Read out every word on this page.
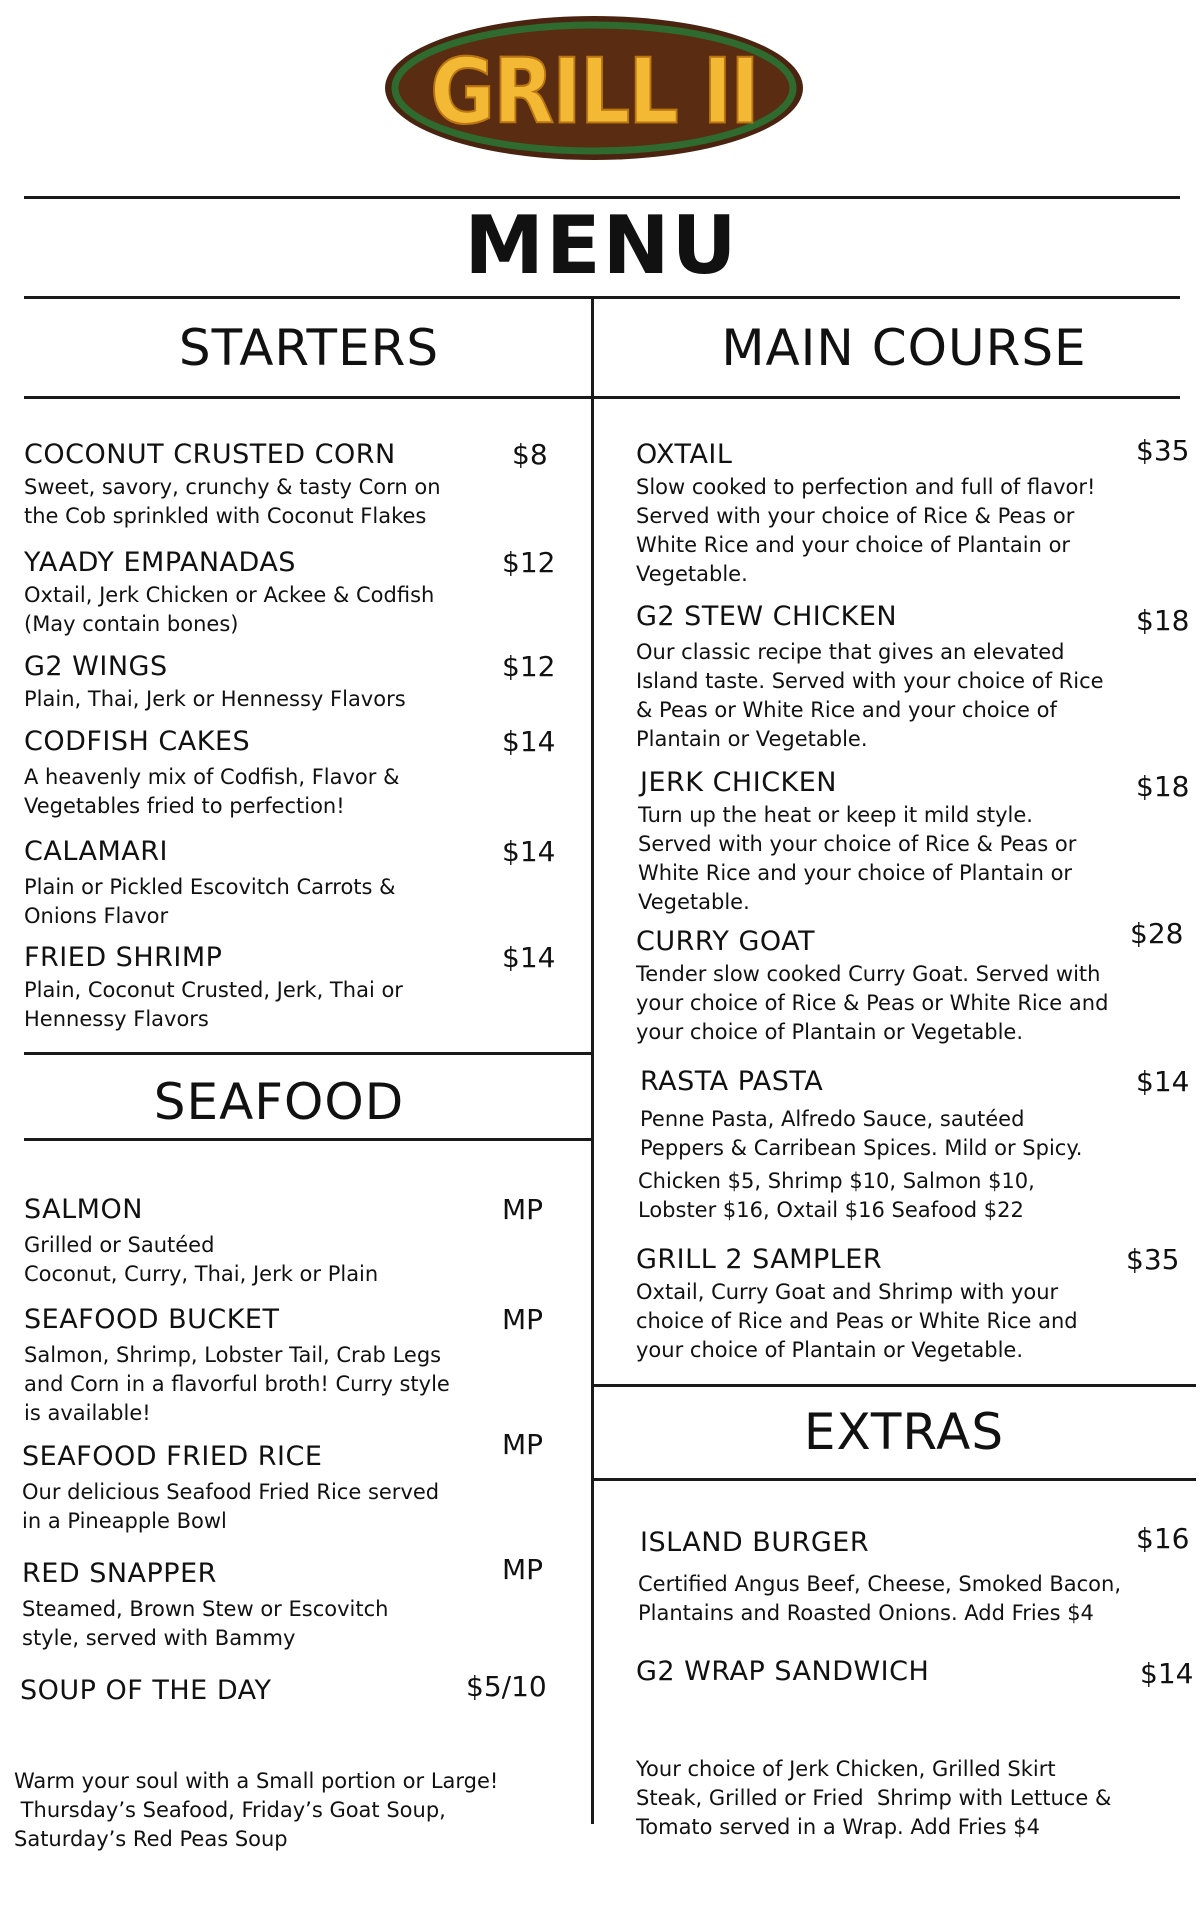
GRILL II
MENU
STARTERS	MAIN COURSE
SEAFOOD
EXTRAS
COCONUT CRUSTED CORN	$8
Sweet, savory, crunchy & tasty Corn on
the Cob sprinkled with Coconut Flakes
YAADY EMPANADAS	$12
Oxtail, Jerk Chicken or Ackee & Codfish
(May contain bones)
G2 WINGS	$12
Plain, Thai, Jerk or Hennessy Flavors
CODFISH CAKES	$14
A heavenly mix of Codfish, Flavor &
Vegetables fried to perfection!
CALAMARI	$14
Plain or Pickled Escovitch Carrots &
Onions Flavor
FRIED SHRIMP	$14
Plain, Coconut Crusted, Jerk, Thai or
Hennessy Flavors
SALMON	MP
Grilled or Sautéed
Coconut, Curry, Thai, Jerk or Plain
SEAFOOD BUCKET	MP
Salmon, Shrimp, Lobster Tail, Crab Legs
and Corn in a flavorful broth! Curry style
is available!
SEAFOOD FRIED RICE	MP
Our delicious Seafood Fried Rice served
in a Pineapple Bowl
RED SNAPPER	MP
Steamed, Brown Stew or Escovitch
style, served with Bammy
SOUP OF THE DAY	$5/10

Warm your soul with a Small portion or Large!
Thursday’s Seafood, Friday’s Goat Soup,
Saturday’s Red Peas Soup

OXTAIL	$35
Slow cooked to perfection and full of flavor!
Served with your choice of Rice & Peas or
White Rice and your choice of Plantain or
Vegetable.
G2 STEW CHICKEN	$18
Our classic recipe that gives an elevated
Island taste. Served with your choice of Rice
& Peas or White Rice and your choice of
Plantain or Vegetable.
JERK CHICKEN	$18
Turn up the heat or keep it mild style.
Served with your choice of Rice & Peas or
White Rice and your choice of Plantain or
Vegetable.
CURRY GOAT	$28
Tender slow cooked Curry Goat. Served with
your choice of Rice & Peas or White Rice and
your choice of Plantain or Vegetable.
RASTA PASTA	$14
Penne Pasta, Alfredo Sauce, sautéed
Peppers & Carribean Spices. Mild or Spicy.
Chicken $5, Shrimp $10, Salmon $10,
Lobster $16, Oxtail $16 Seafood $22
GRILL 2 SAMPLER	$35
Oxtail, Curry Goat and Shrimp with your
choice of Rice and Peas or White Rice and
your choice of Plantain or Vegetable.
ISLAND BURGER	$16
Certified Angus Beef, Cheese, Smoked Bacon,
Plantains and Roasted Onions. Add Fries $4
G2 WRAP SANDWICH	$14

Your choice of Jerk Chicken, Grilled Skirt
Steak, Grilled or Fried  Shrimp with Lettuce &
Tomato served in a Wrap. Add Fries $4
